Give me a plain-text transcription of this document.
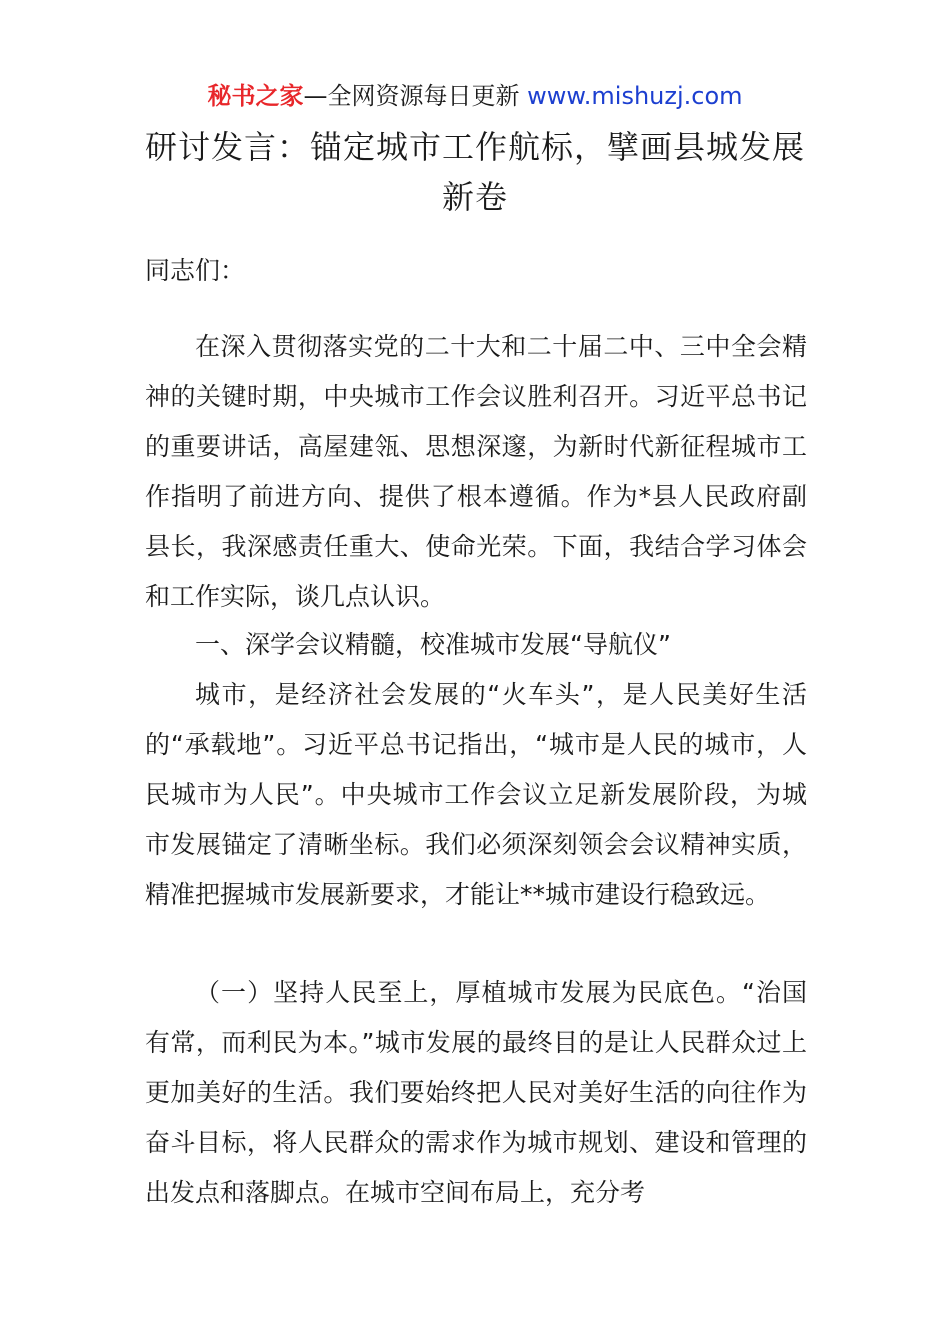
秘书之家—全网资源每日更新 www.mishuzj.com
研讨发言：锚定城市工作航标，擘画县城发展
新卷

同志们：

在深入贯彻落实党的二十大和二十届二中、三中全会精神的关键时期，中央城市工作会议胜利召开。习近平总书记的重要讲话，高屋建瓴、思想深邃，为新时代新征程城市工作指明了前进方向、提供了根本遵循。作为*县人民政府副县长，我深感责任重大、使命光荣。下面，我结合学习体会和工作实际，谈几点认识。

一、深学会议精髓，校准城市发展“导航仪”

城市，是经济社会发展的“火车头”，是人民美好生活的“承载地”。习近平总书记指出，“城市是人民的城市，人民城市为人民”。中央城市工作会议立足新发展阶段，为城市发展锚定了清晰坐标。我们必须深刻领会会议精神实质，精准把握城市发展新要求，才能让**城市建设行稳致远。

（一）坚持人民至上，厚植城市发展为民底色。“治国有常，而利民为本。”城市发展的最终目的是让人民群众过上更加美好的生活。我们要始终把人民对美好生活的向往作为奋斗目标，将人民群众的需求作为城市规划、建设和管理的出发点和落脚点。在城市空间布局上，充分考
